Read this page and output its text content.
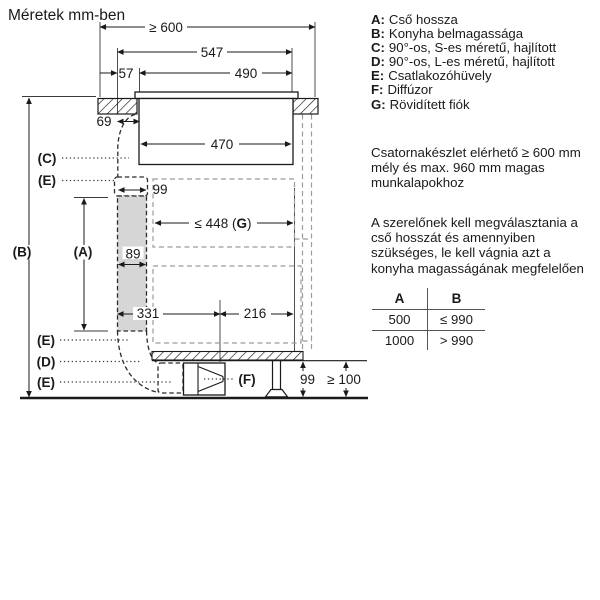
Méretek mm-ben
≥ 600
547
57	490
470
69
99
89
≤ 448 (G)
331	216
99 ≥ 100
(C)
(E)
(B)	(A)
(E)
(D)
(E)	(F)
A: Cső hossza
B: Konyha belmagassága
C: 90°-os, S-es méretű, hajlított
D: 90°-os, L-es méretű, hajlított
E: Csatlakozóhüvely
F: Diffúzor
G: Rövidített fiók
Csatornakészlet elérhető ≥ 600 mm mély és max. 960 mm magas munkalapokhoz
A szerelőnek kell megválasztania a cső hosszát és amennyiben szükséges, le kell vágnia azt a konyha magasságának megfelelően
A	B
500	≤ 990
1000	> 990
